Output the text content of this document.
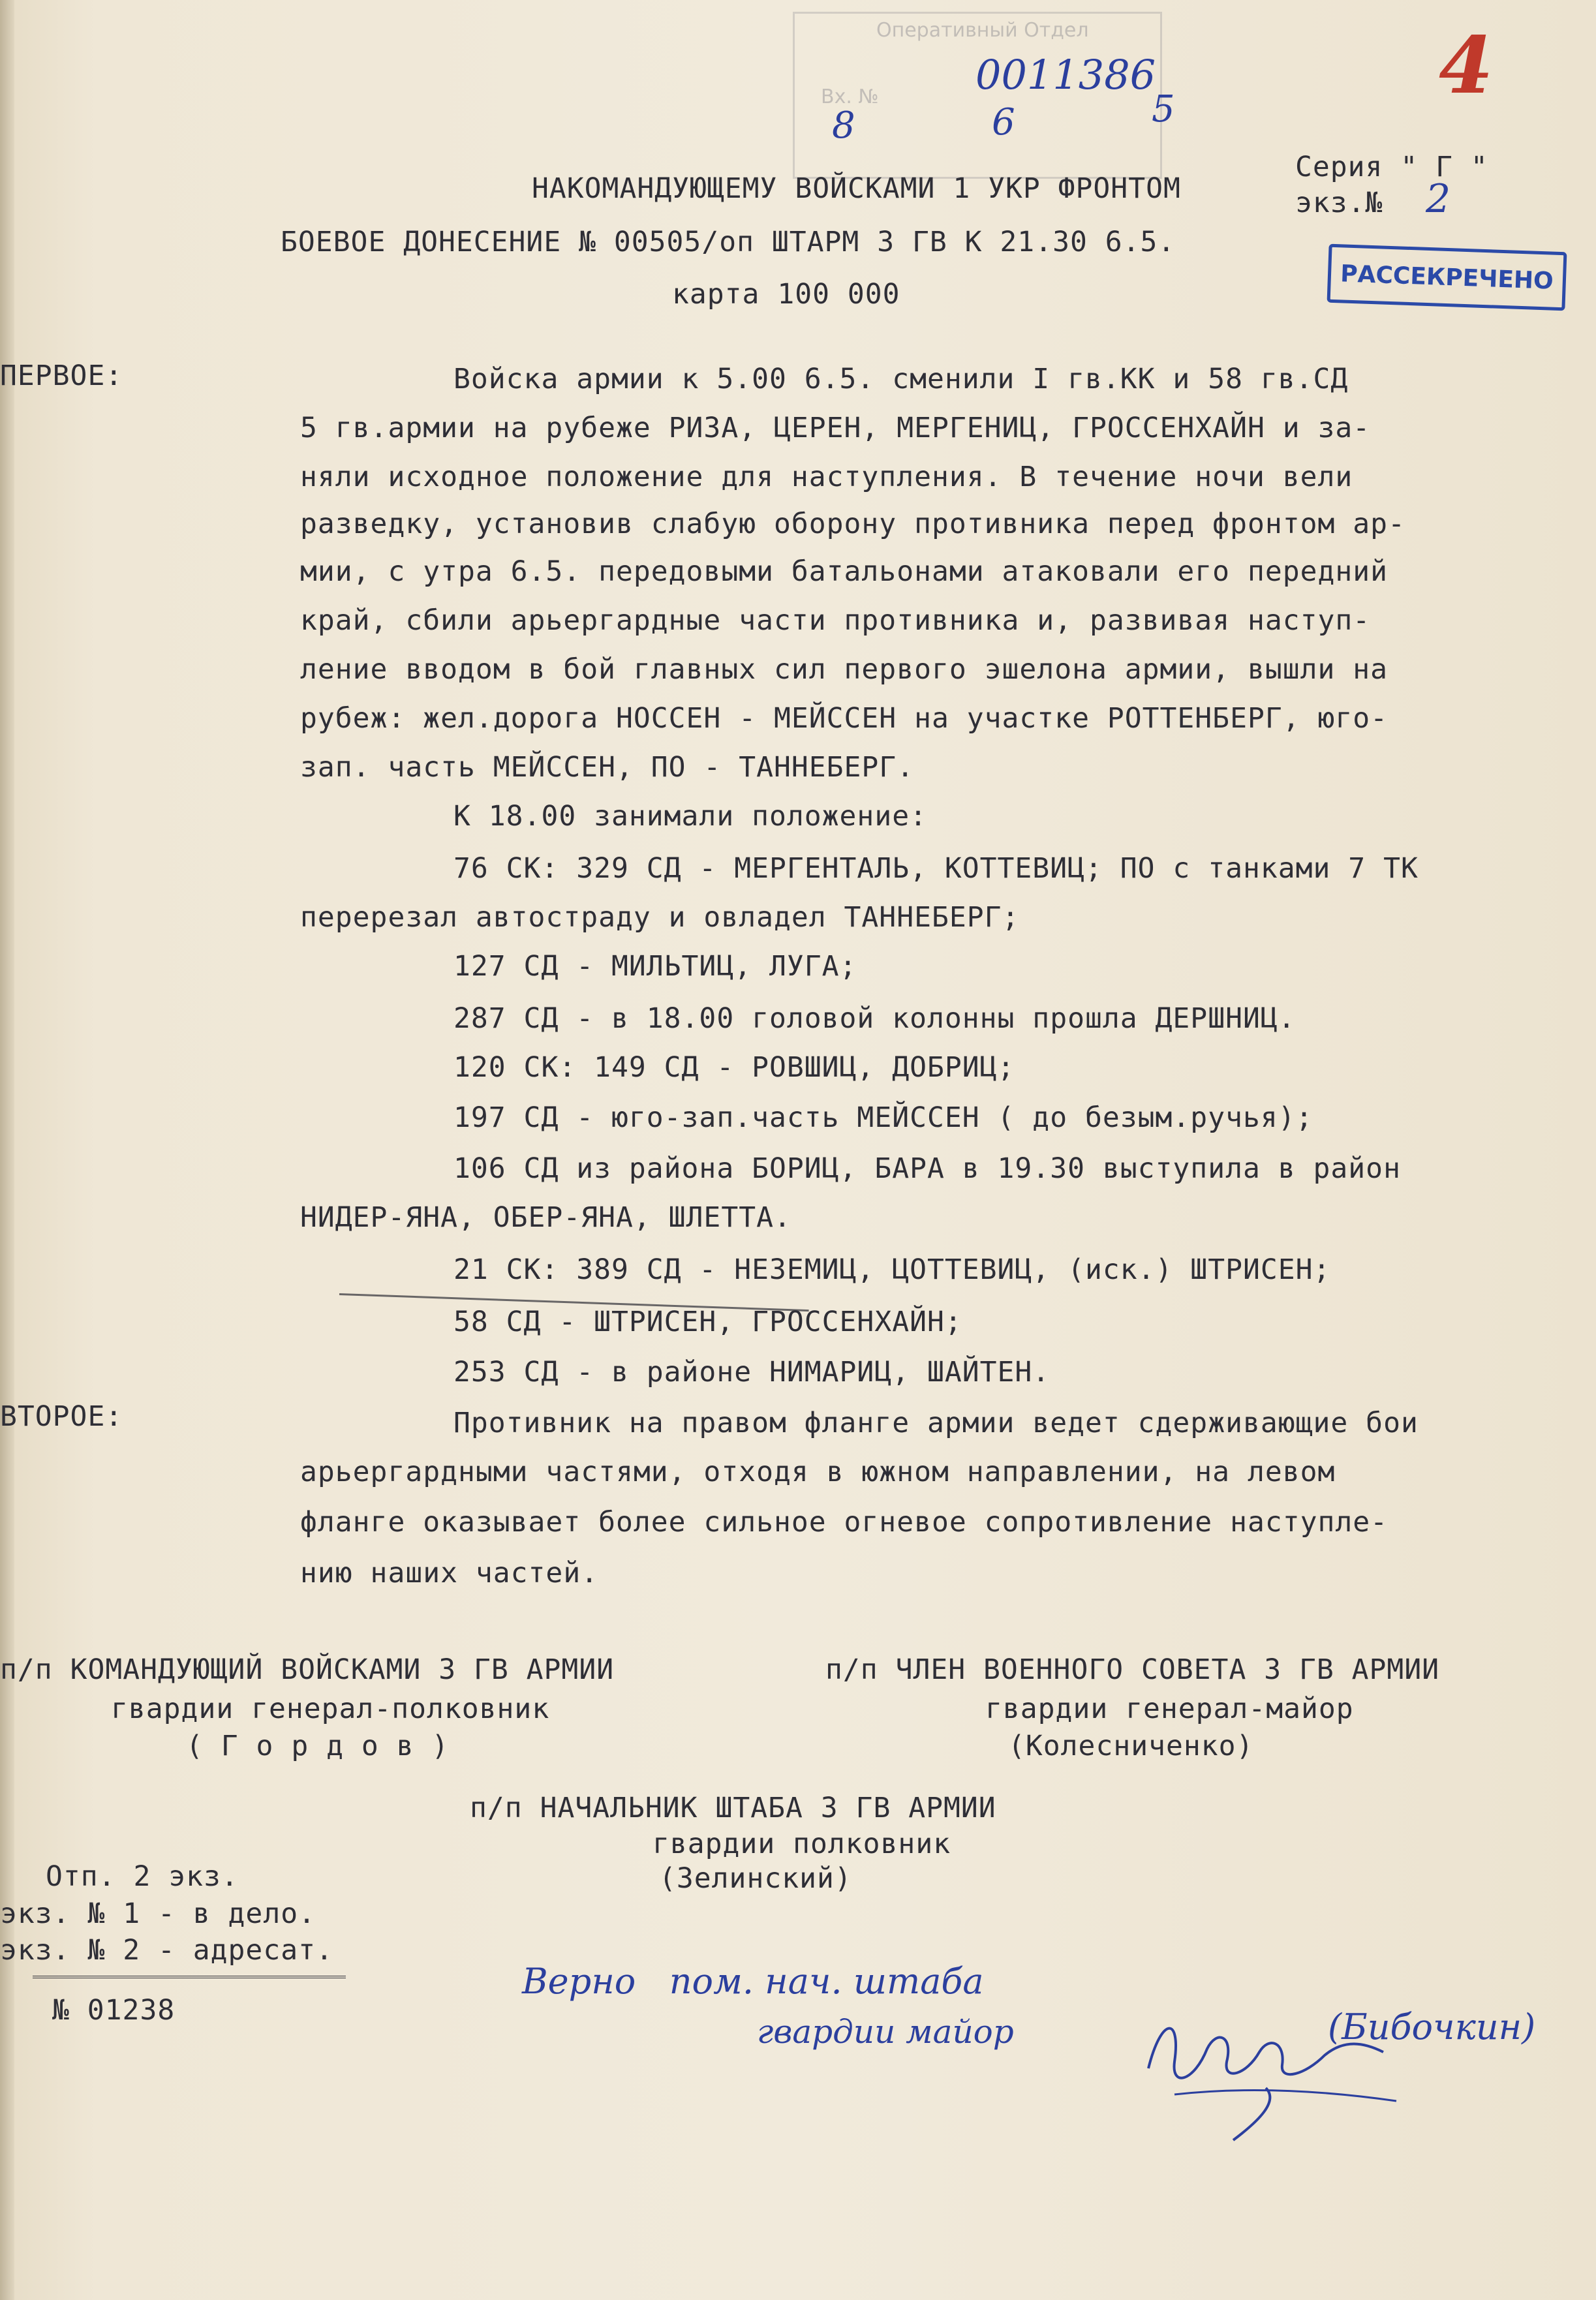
Оперативный Отдел
Вх. № 0011386
8	6	5	4
Серия " Г "
экз.№ 2
РАССЕКРЕЧЕНО
НАКОМАНДУЮЩЕМУ ВОЙСКАМИ 1 УКР ФРОНТОМ
БОЕВОЕ ДОНЕСЕНИЕ № 00505/оп ШТАРМ 3 ГВ К 21.30 6.5.
карта 100 000
ПЕРВОЕ:
ВТОРОЕ:
Войска армии к 5.00 6.5. сменили I гв.КК и 58 гв.СД
5 гв.армии на рубеже РИЗА, ЦЕРЕН, МЕРГЕНИЦ, ГРОССЕНХАЙН и за-
няли исходное положение для наступления. В течение ночи вели
разведку, установив слабую оборону противника перед фронтом ар-
мии, с утра 6.5. передовыми батальонами атаковали его передний
край, сбили арьергардные части противника и, развивая наступ-
ление вводом в бой главных сил первого эшелона армии, вышли на
рубеж: жел.дорога НОССЕН - МЕЙССЕН на участке РОТТЕНБЕРГ, юго-
зап. часть МЕЙССЕН, ПО - ТАННЕБЕРГ.
К 18.00 занимали положение:
76 СК: 329 СД - МЕРГЕНТАЛЬ, КОТТЕВИЦ; ПО с танками 7 ТК
перерезал автостраду и овладел ТАННЕБЕРГ;
127 СД - МИЛЬТИЦ, ЛУГА;
287 СД - в 18.00 головой колонны прошла ДЕРШНИЦ.
120 СК: 149 СД - РОВШИЦ, ДОБРИЦ;
197 СД - юго-зап.часть МЕЙССЕН ( до безым.ручья);
106 СД из района БОРИЦ, БАРА в 19.30 выступила в район
НИДЕР-ЯНА, ОБЕР-ЯНА, ШЛЕТТА.
21 СК: 389 СД - НЕЗЕМИЦ, ЦОТТЕВИЦ, (иск.) ШТРИСЕН;
58 СД - ШТРИСЕН, ГРОССЕНХАЙН;
253 СД - в районе НИМАРИЦ, ШАЙТЕН.
Противник на правом фланге армии ведет сдерживающие бои
арьергардными частями, отходя в южном направлении, на левом
фланге оказывает более сильное огневое сопротивление наступле-
нию наших частей.
п/п КОМАНДУЮЩИЙ ВОЙСКАМИ 3 ГВ АРМИИ
гвардии генерал-полковник
( Г о р д о в )
п/п ЧЛЕН ВОЕННОГО СОВЕТА 3 ГВ АРМИИ
гвардии генерал-майор
(Колесниченко)
п/п НАЧАЛЬНИК ШТАБА 3 ГВ АРМИИ
гвардии полковник
(Зелинский)
Отп. 2 экз.
экз. № 1 - в дело.
экз. № 2 - адресат.
№ 01238
Верно   пом. нач. штаба
гвардии майор	(Бибочкин)
